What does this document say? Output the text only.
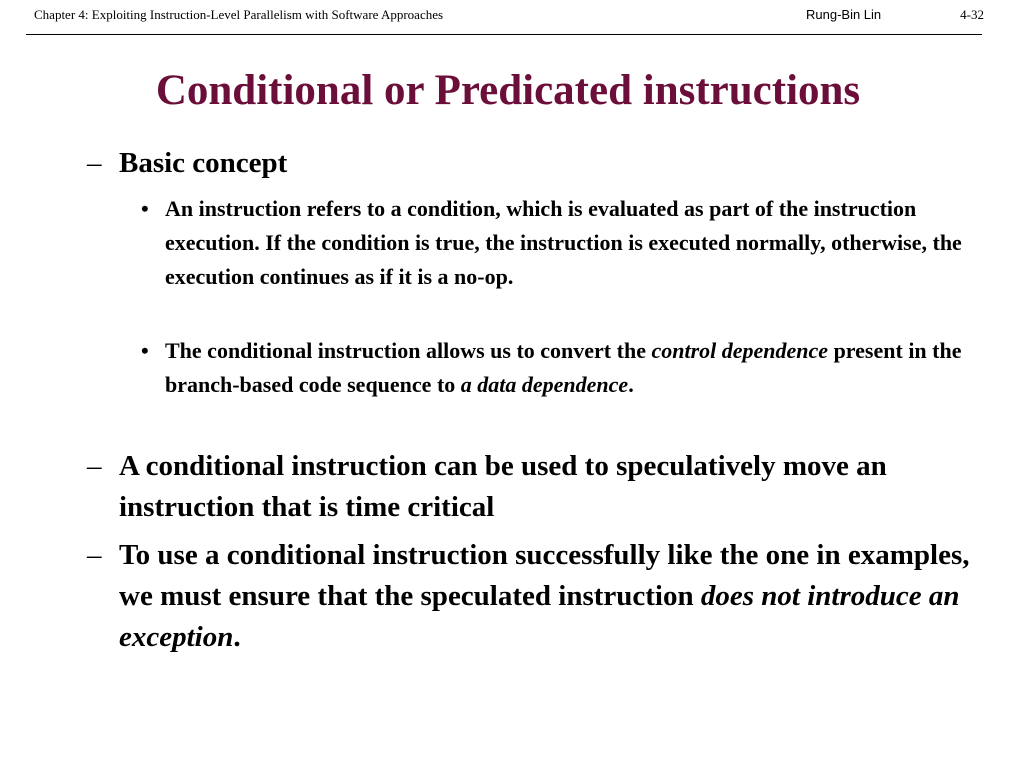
Chapter 4: Exploiting Instruction-Level Parallelism with Software Approaches	Rung-Bin Lin	4-32
Conditional or Predicated instructions
– Basic concept
• An instruction refers to a condition, which is evaluated as part of the instruction execution. If the condition is true, the instruction is executed normally, otherwise, the execution continues as if it is a no-op.
• The conditional instruction allows us to convert the control dependence present in the branch-based code sequence to a data dependence.
– A conditional instruction can be used to speculatively move an instruction that is time critical
– To use a conditional instruction successfully like the one in examples, we must ensure that the speculated instruction does not introduce an exception.
